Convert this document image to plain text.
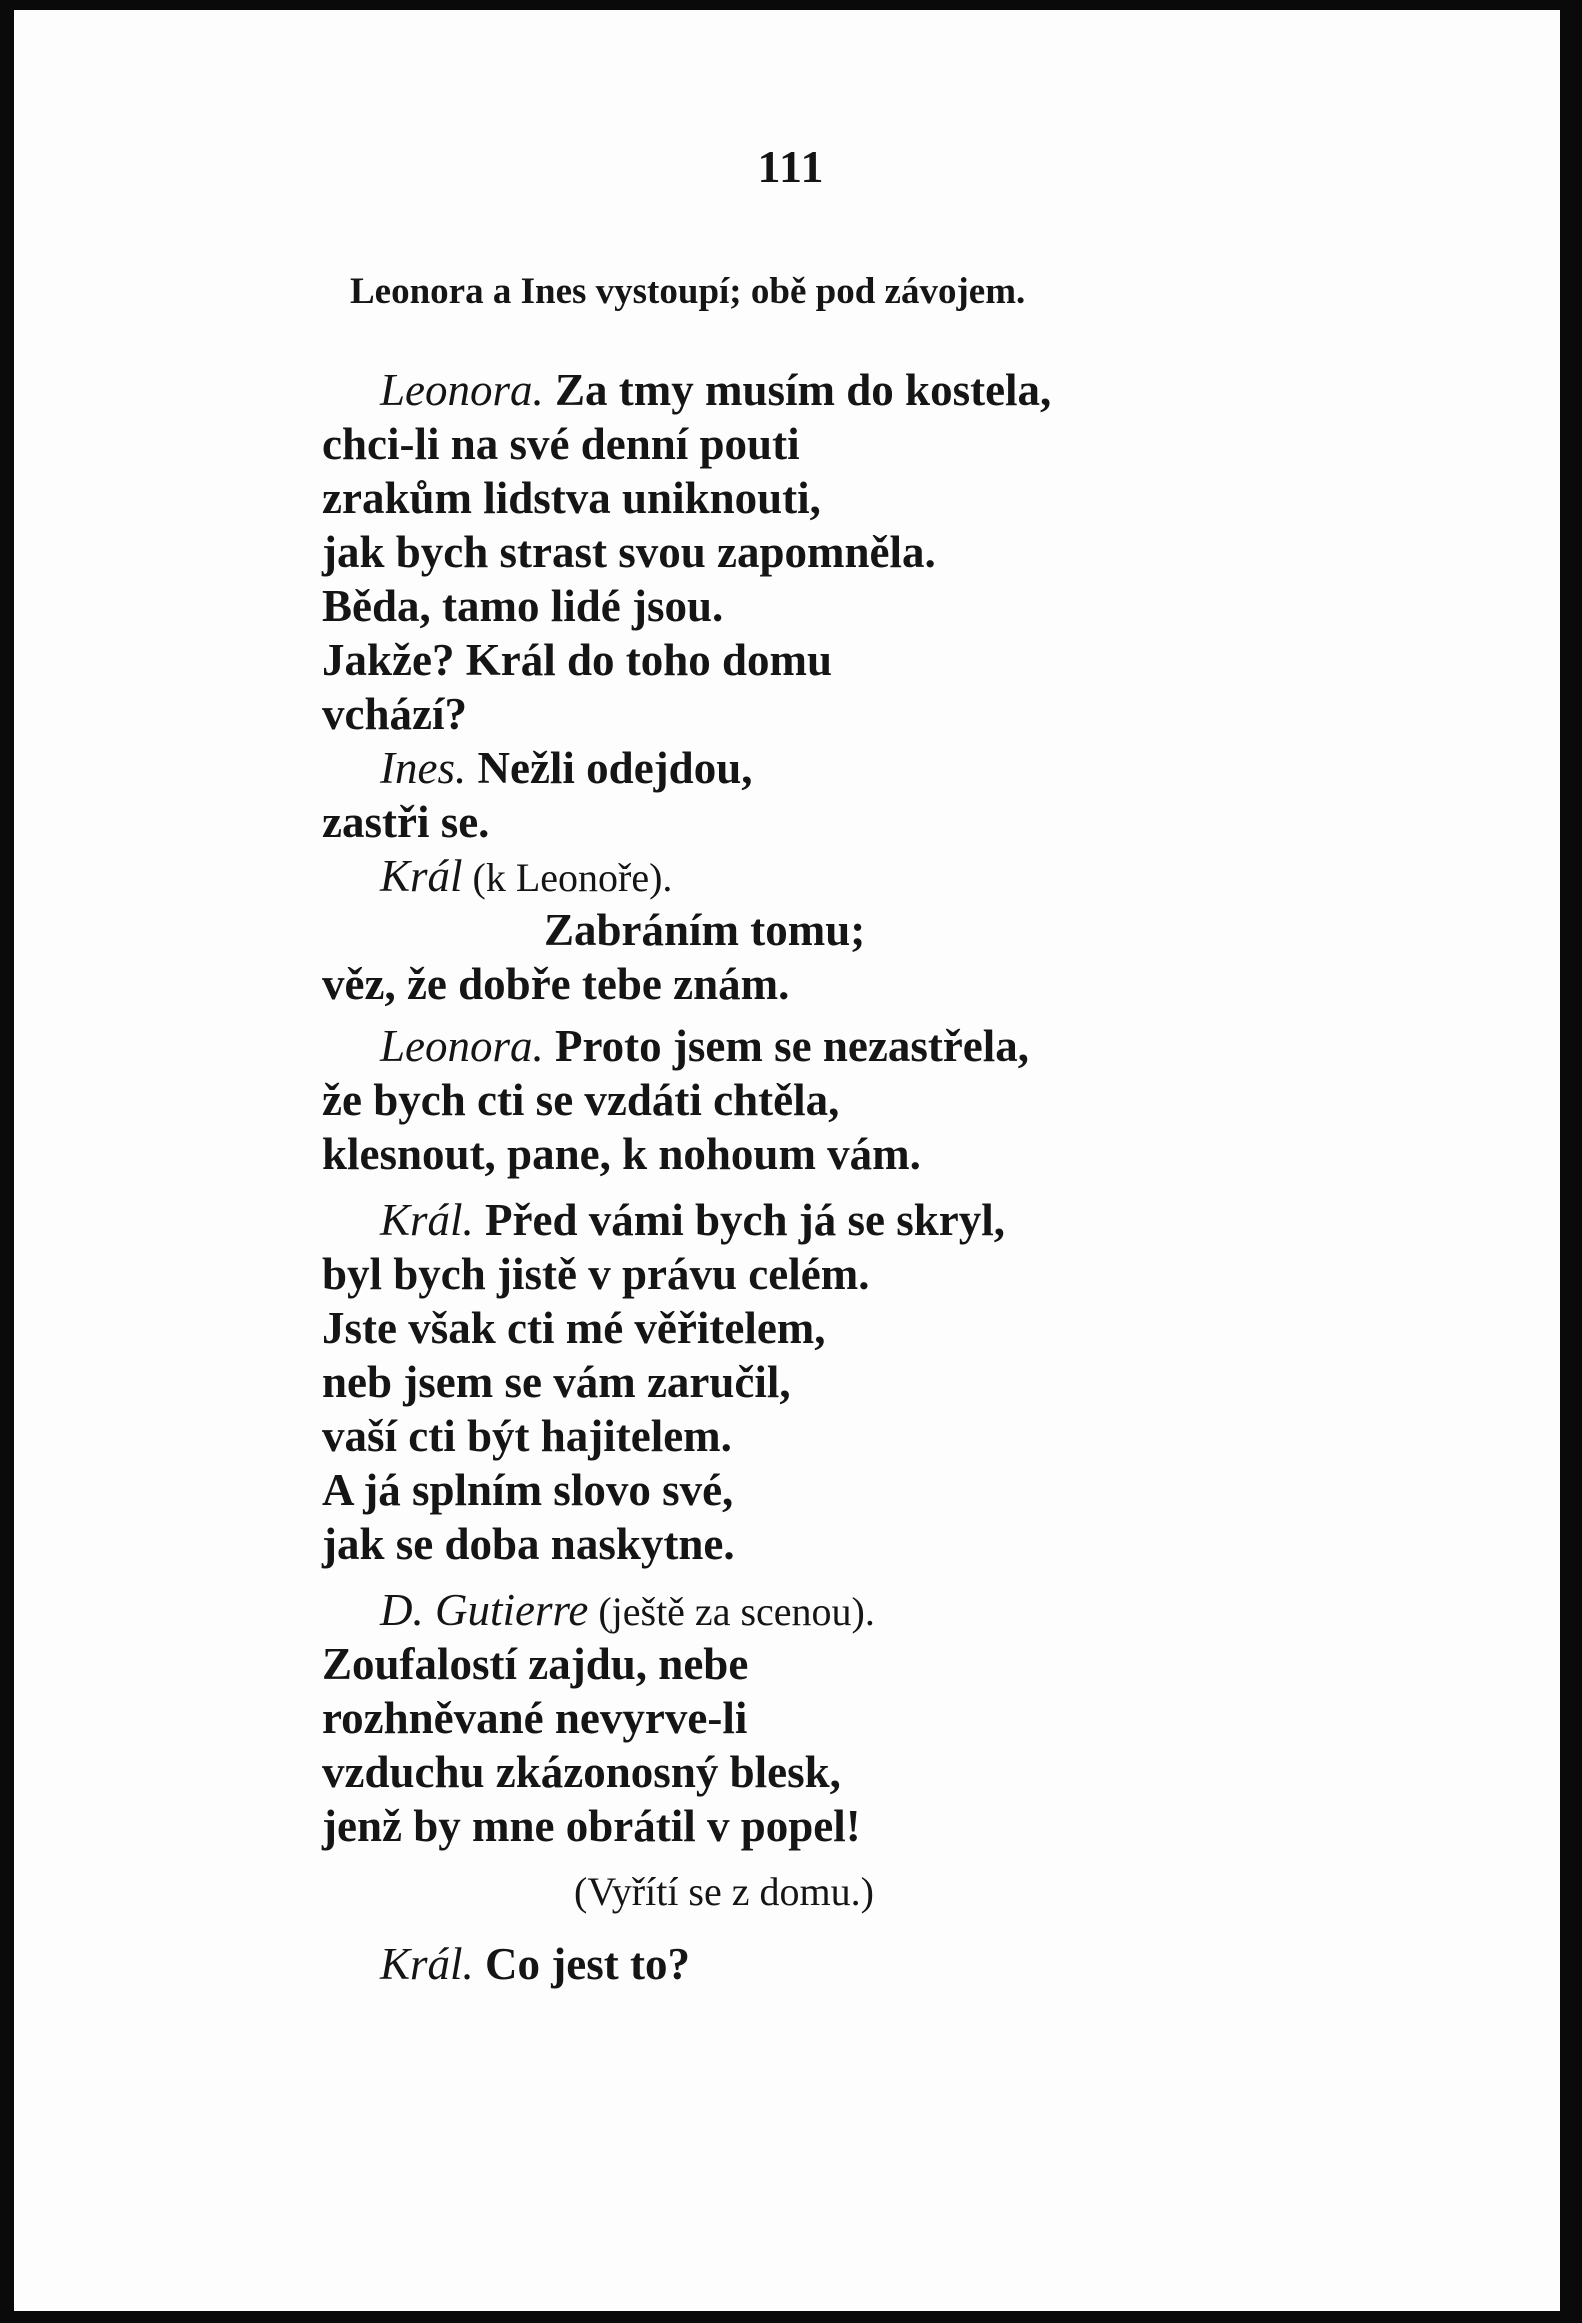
111
Leonora a Ines vystoupí; obě pod závojem.
Leonora. Za tmy musím do kostela,
chci-li na své denní pouti
zrakům lidstva uniknouti,
jak bych strast svou zapomněla.
Běda, tamo lidé jsou.
Jakže? Král do toho domu
vchází?
Ines. Nežli odejdou,
zastři se.
Král (k Leonoře).
Zabráním tomu;
věz, že dobře tebe znám.
Leonora. Proto jsem se nezastřela,
že bych cti se vzdáti chtěla,
klesnout, pane, k nohoum vám.
Král. Před vámi bych já se skryl,
byl bych jistě v právu celém.
Jste však cti mé věřitelem,
neb jsem se vám zaručil,
vaší cti být hajitelem.
A já splním slovo své,
jak se doba naskytne.
D. Gutierre (ještě za scenou).
Zoufalostí zajdu, nebe
rozhněvané nevyrve-li
vzduchu zkázonosný blesk,
jenž by mne obrátil v popel!
(Vyřítí se z domu.)
Král. Co jest to?
